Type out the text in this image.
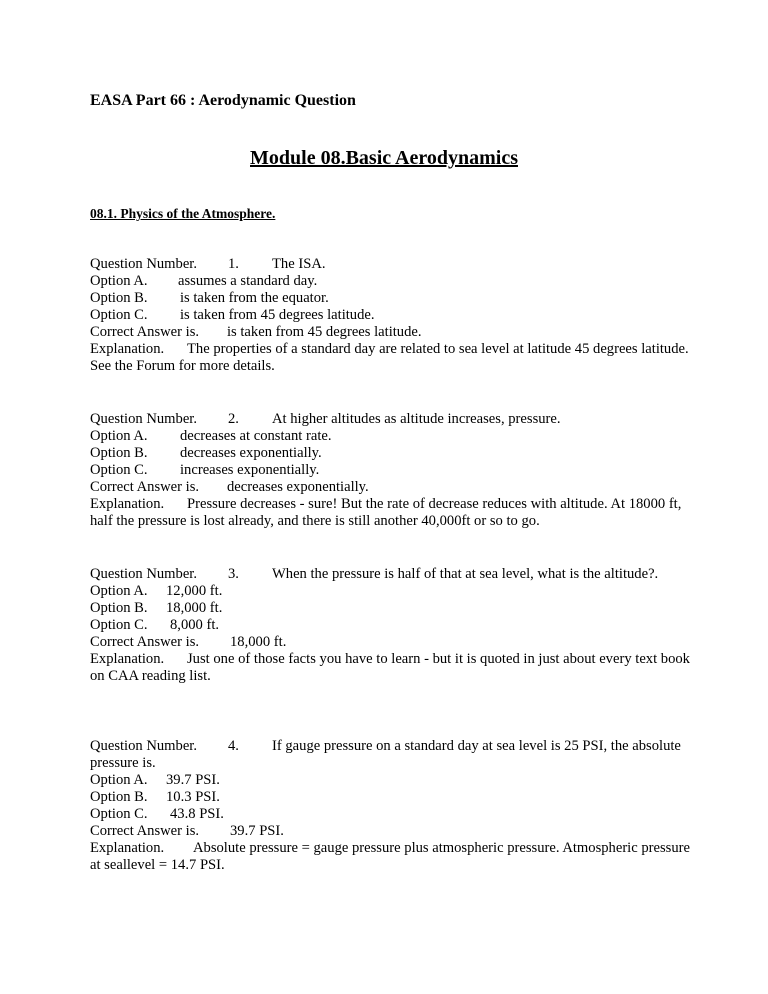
EASA Part 66 : Aerodynamic Question
Module 08.Basic Aerodynamics
08.1. Physics of the Atmosphere.
Question Number. 1. The ISA.
Option A. assumes a standard day.
Option B. is taken from the equator.
Option C. is taken from 45 degrees latitude.
Correct Answer is. is taken from 45 degrees latitude.
Explanation. The properties of a standard day are related to sea level at latitude 45 degrees latitude. See the Forum for more details.
Question Number. 2. At higher altitudes as altitude increases, pressure.
Option A. decreases at constant rate.
Option B. decreases exponentially.
Option C. increases exponentially.
Correct Answer is. decreases exponentially.
Explanation. Pressure decreases - sure! But the rate of decrease reduces with altitude. At 18000 ft, half the pressure is lost already, and there is still another 40,000ft or so to go.
Question Number. 3. When the pressure is half of that at sea level, what is the altitude?.
Option A. 12,000 ft.
Option B. 18,000 ft.
Option C. 8,000 ft.
Correct Answer is. 18,000 ft.
Explanation. Just one of those facts you have to learn - but it is quoted in just about every text book on CAA reading list.
Question Number. 4. If gauge pressure on a standard day at sea level is 25 PSI, the absolute pressure is.
Option A. 39.7 PSI.
Option B. 10.3 PSI.
Option C. 43.8 PSI.
Correct Answer is. 39.7 PSI.
Explanation. Absolute pressure = gauge pressure plus atmospheric pressure. Atmospheric pressure at seallevel = 14.7 PSI.
